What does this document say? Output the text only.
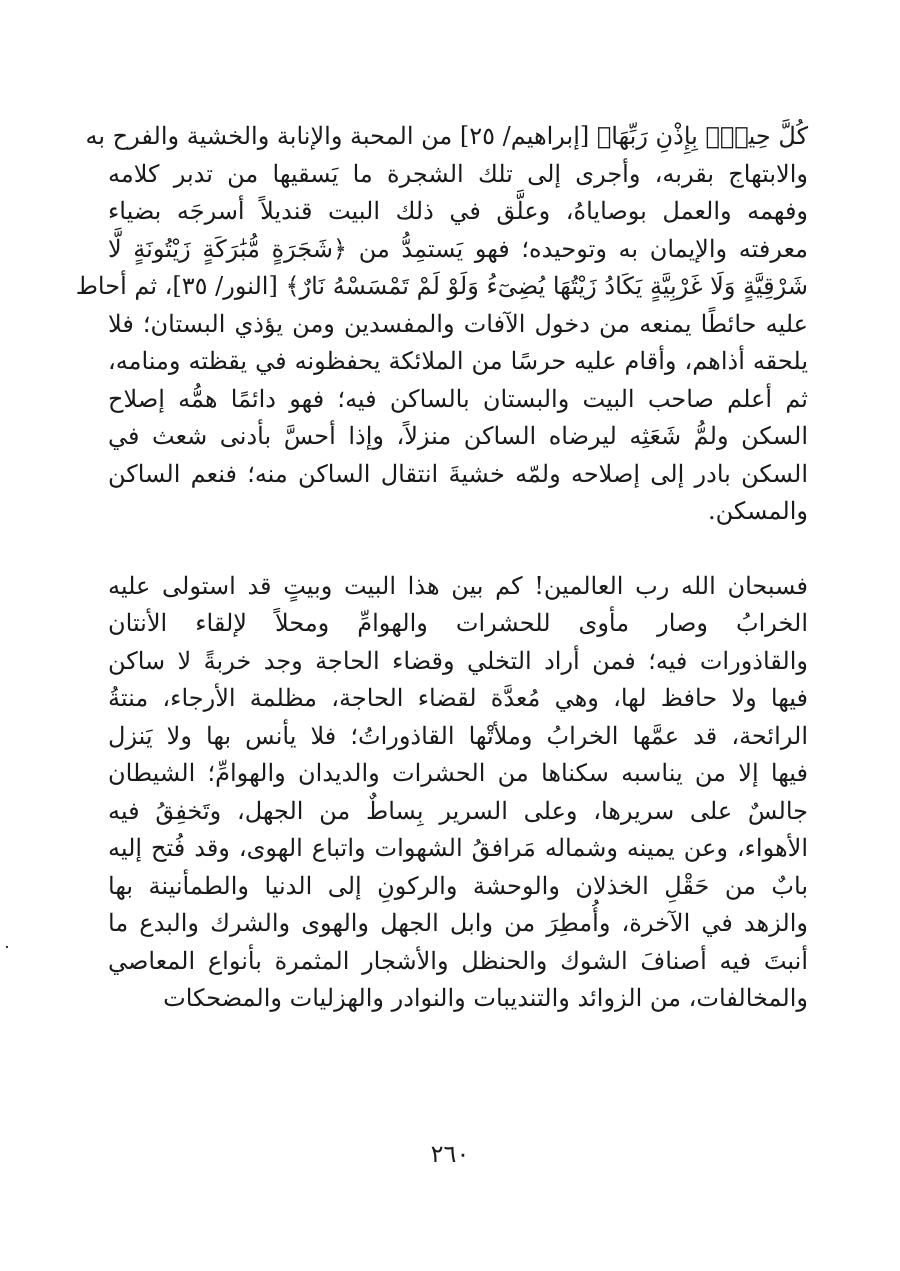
كُلَّ حِينِۭ بِإِذْنِ رَبِّهَا﴾ [إبراهيم/ ٢٥] من المحبة والإنابة والخشية والفرح به

والابتهاج بقربه، وأجرى إلى تلك الشجرة ما يَسقيها من تدبر كلامه

وفهمه والعمل بوصاياهُ، وعلَّق في ذلك البيت قنديلاً أسرجَه بضياء

معرفته والإيمان به وتوحيده؛ فهو يَستمِدُّ من ﴿شَجَرَةٍ مُّبَٰرَكَةٍ زَيْتُونَةٍ لَّا

شَرْقِيَّةٍ وَلَا غَرْبِيَّةٍ يَكَادُ زَيْتُهَا يُضِىٓءُ وَلَوْ لَمْ تَمْسَسْهُ نَارٌ﴾ [النور/ ٣٥]، ثم أحاط

عليه حائطًا يمنعه من دخول الآفات والمفسدين ومن يؤذي البستان؛ فلا

يلحقه أذاهم، وأقام عليه حرسًا من الملائكة يحفظونه في يقظته ومنامه،

ثم أعلم صاحب البيت والبستان بالساكن فيه؛ فهو دائمًا همُّه إصلاح

السكن ولمُّ شَعَثِه ليرضاه الساكن منزلاً، وإذا أحسَّ بأدنى شعث في

السكن بادر إلى إصلاحه ولمّه خشيةَ انتقال الساكن منه؛ فنعم الساكن

والمسكن.

فسبحان الله رب العالمين! كم بين هذا البيت وبيتٍ قد استولى عليه

الخرابُ وصار مأوى للحشرات والهوامِّ ومحلاً لإلقاء الأنتان

والقاذورات فيه؛ فمن أراد التخلي وقضاء الحاجة وجد خربةً لا ساكن

فيها ولا حافظ لها، وهي مُعدَّة لقضاء الحاجة، مظلمة الأرجاء، منتةُ

الرائحة، قد عمَّها الخرابُ وملأتْها القاذوراتُ؛ فلا يأنس بها ولا يَنزل

فيها إلا من يناسبه سكناها من الحشرات والديدان والهوامِّ؛ الشيطان

جالسٌ على سريرها، وعلى السرير بِساطٌ من الجهل، وتَخفِقُ فيه

الأهواء، وعن يمينه وشماله مَرافقُ الشهوات واتباع الهوى، وقد فُتح إليه

بابٌ من حَقْلِ الخذلان والوحشة والركونِ إلى الدنيا والطمأنينة بها

والزهد في الآخرة، وأُمطِرَ من وابل الجهل والهوى والشرك والبدع ما

أنبتَ فيه أصنافَ الشوك والحنظل والأشجار المثمرة بأنواع المعاصي

والمخالفات، من الزوائد والتنديبات والنوادر والهزليات والمضحكات

٢٦٠
